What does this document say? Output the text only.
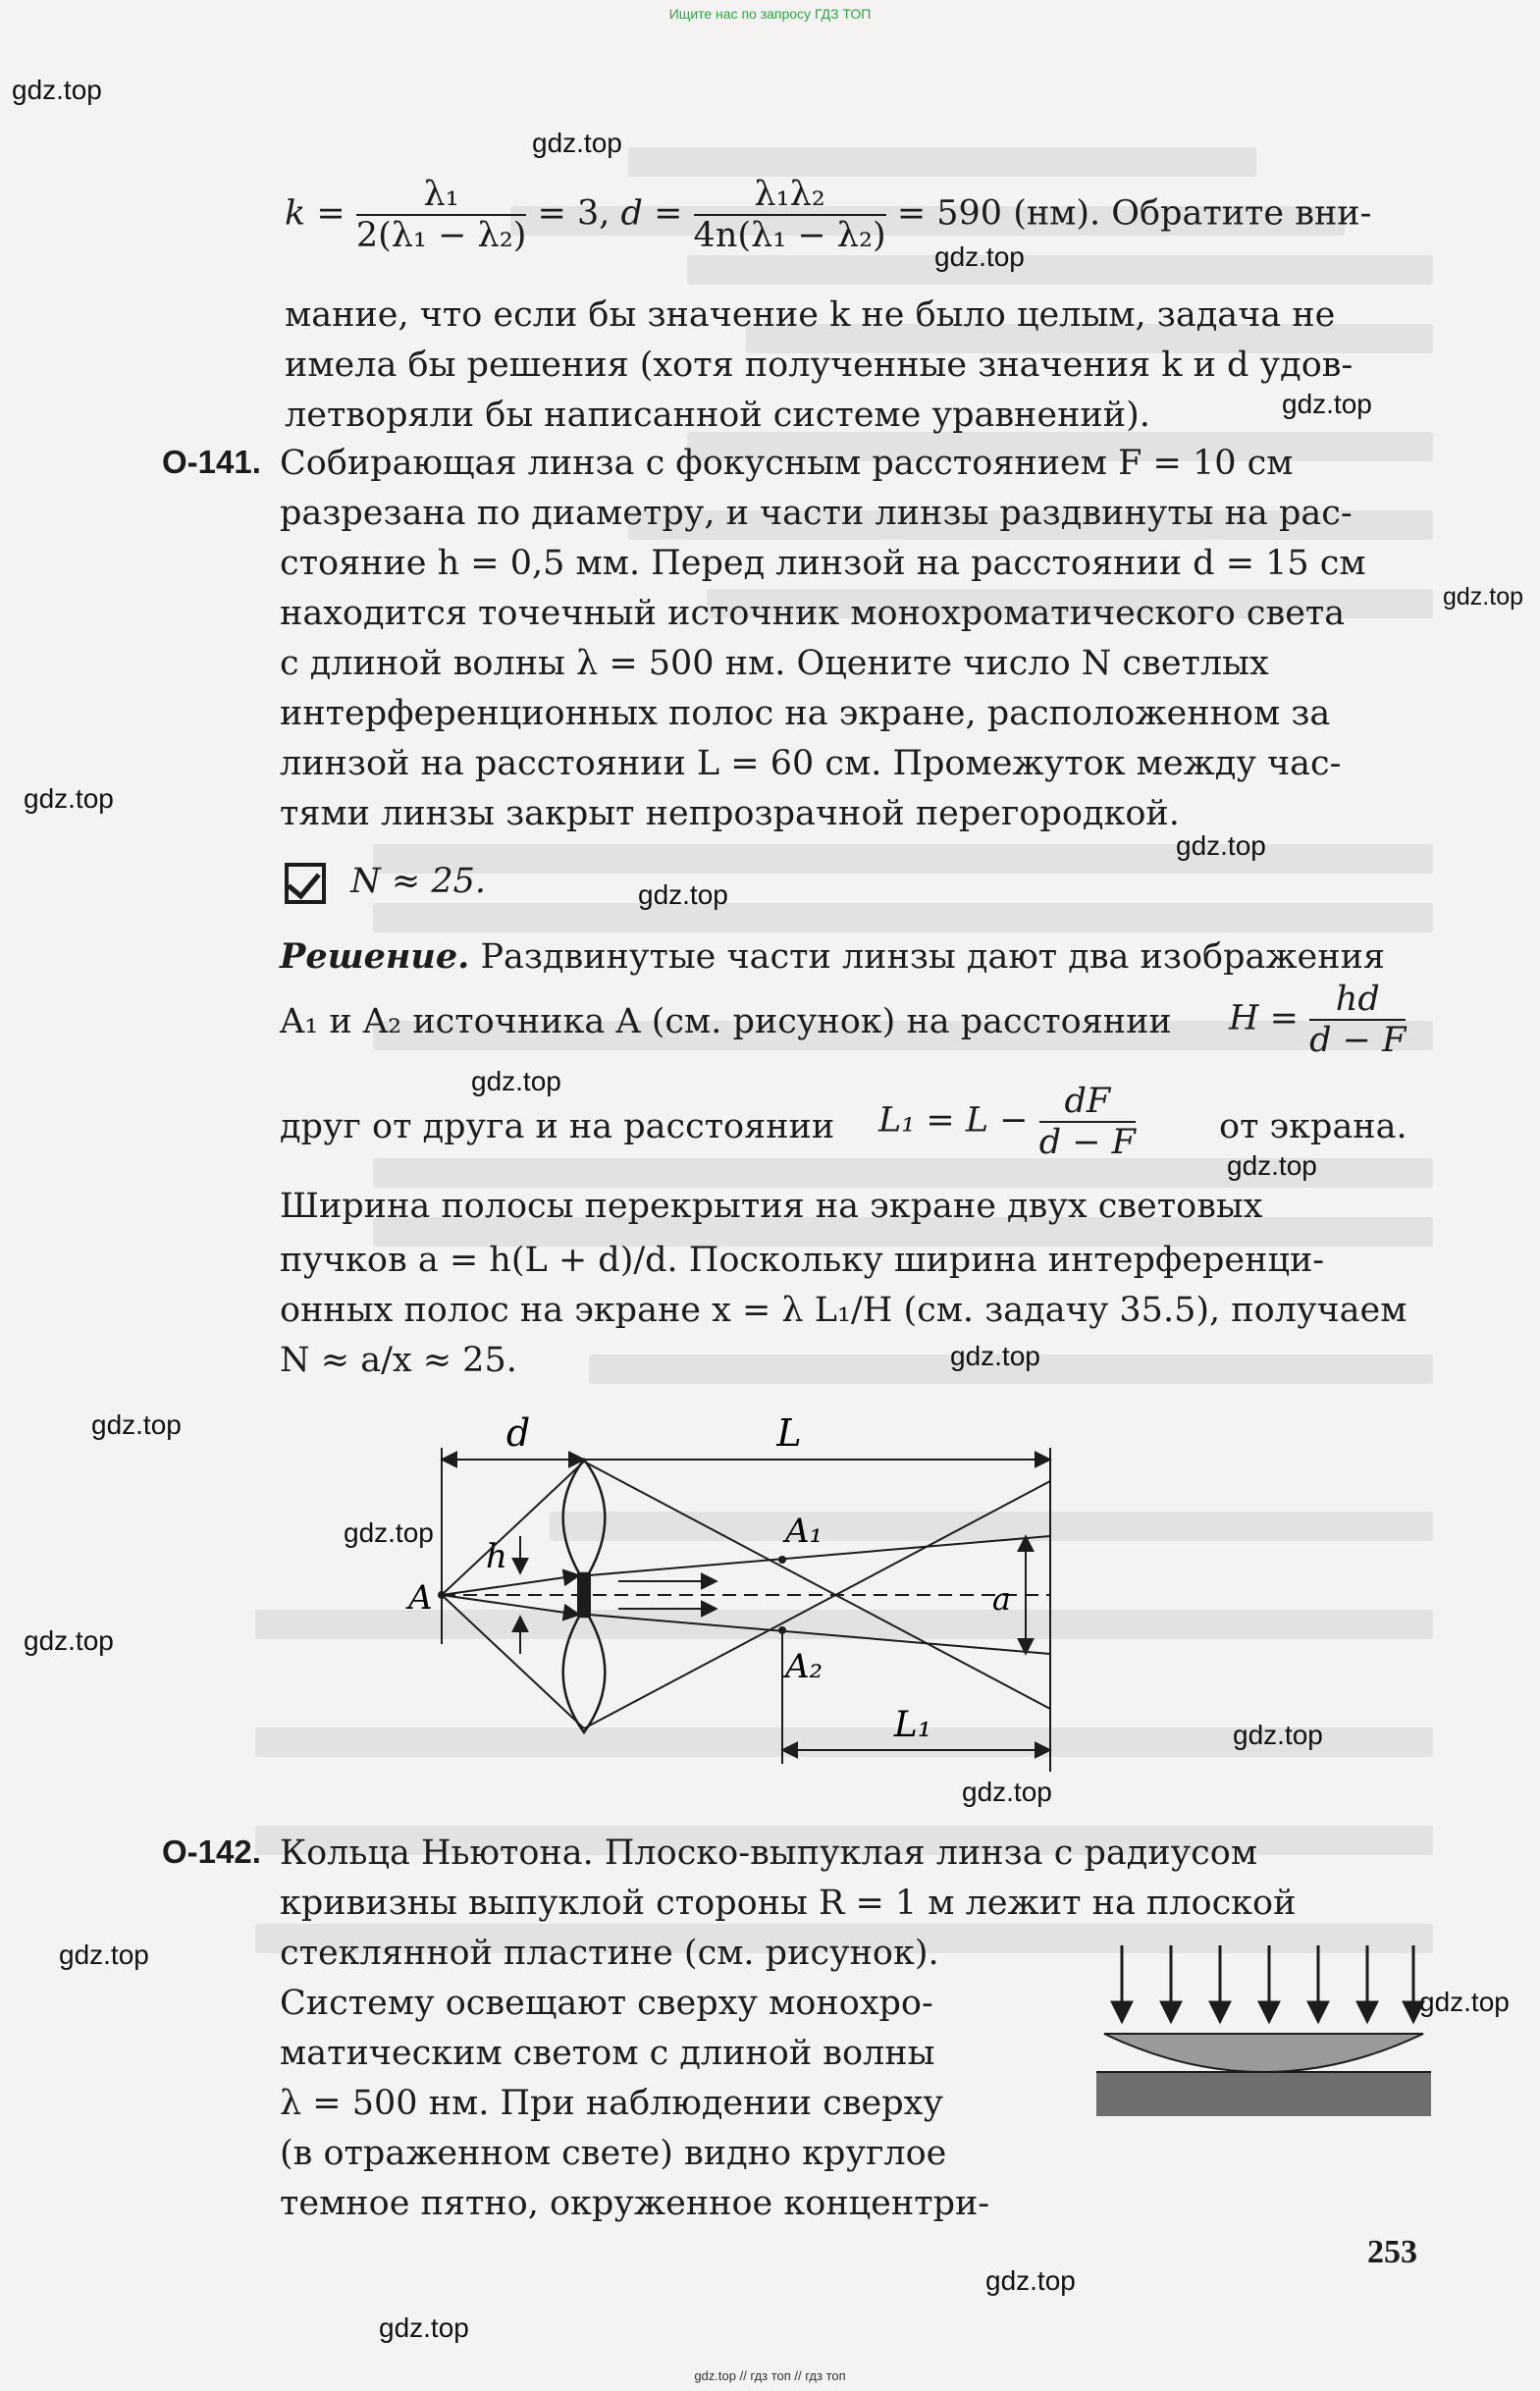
Ищите нас по запросу ГДЗ ТОП
gdz.top
gdz.top
gdz.top
gdz.top
gdz.top
gdz.top
gdz.top
gdz.top
gdz.top
gdz.top
gdz.top
gdz.top
gdz.top
gdz.top
gdz.top
gdz.top
gdz.top
gdz.top
gdz.top
gdz.top
$k = \frac{\text{λ₁}}{\text{2(λ₁ − λ₂)}} = 3$, $d = \frac{\text{λ₁λ₂}}{\text{4n(λ₁ − λ₂)}} = 590$ (нм). Обратите вни-
мание, что если бы значение k не было целым, задача не
имела бы решения (хотя полученные значения k и d удов-
летворяли бы написанной системе уравнений).
О-141. Собирающая линза с фокусным расстоянием F = 10 см
разрезана по диаметру, и части линзы раздвинуты на рас-
стояние h = 0,5 мм. Перед линзой на расстоянии d = 15 см
находится точечный источник монохроматического света
с длиной волны λ = 500 нм. Оцените число N светлых
интерференционных полос на экране, расположенном за
линзой на расстоянии L = 60 см. Промежуток между час-
тями линзы закрыт непрозрачной перегородкой.
N ≈ 25.
Решение. Раздвинутые части линзы дают два изображения
A₁ и A₂ источника A (см. рисунок) на расстоянии $H = \frac{hd}{d - F}$
друг от друга и на расстоянии $L_1 = L - \frac{dF}{d - F}$ от экрана.
Ширина полосы перекрытия на экране двух световых
пучков a = h(L + d)/d. Поскольку ширина интерференци-
онных полос на экране x = λ L₁/H (см. задачу 35.5), получаем
N ≈ a/x ≈ 25.
d	L
h
A₁
A₂
A	a
L₁
О-142. Кольца Ньютона. Плоско-выпуклая линза с радиусом
кривизны выпуклой стороны R = 1 м лежит на плоской
стеклянной пластине (см. рисунок).
Систему освещают сверху монохро-
матическим светом с длиной волны
λ = 500 нм. При наблюдении сверху
(в отраженном свете) видно круглое
темное пятно, окруженное концентри-
253
gdz.top // гдз топ // гдз топ
